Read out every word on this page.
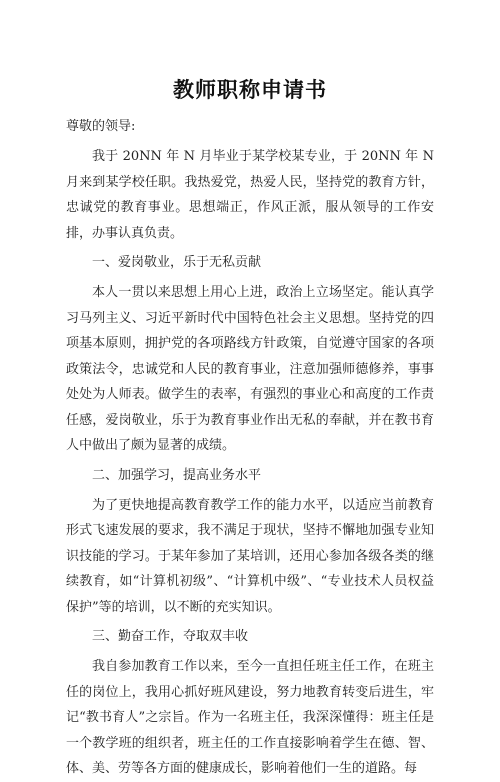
教师职称申请书
尊敬的领导:

我于 20NN 年 N 月毕业于某学校某专业，于 20NN 年 N 月来到某学校任职。我热爱党，热爱人民，坚持党的教育方针，忠诚党的教育事业。思想端正，作风正派，服从领导的工作安排，办事认真负责。

一、爱岗敬业，乐于无私贡献

本人一贯以来思想上用心上进，政治上立场坚定。能认真学习马列主义、习近平新时代中国特色社会主义思想。坚持党的四项基本原则，拥护党的各项路线方针政策，自觉遵守国家的各项政策法令，忠诚党和人民的教育事业，注意加强师德修养，事事处处为人师表。做学生的表率，有强烈的事业心和高度的工作责任感，爱岗敬业，乐于为教育事业作出无私的奉献，并在教书育人中做出了颇为显著的成绩。

二、加强学习，提高业务水平

为了更快地提高教育教学工作的能力水平，以适应当前教育形式飞速发展的要求，我不满足于现状，坚持不懈地加强专业知识技能的学习。于某年参加了某培训，还用心参加各级各类的继续教育，如“计算机初级”、“计算机中级”、“专业技术人员权益保护”等的培训，以不断的充实知识。

三、勤奋工作，夺取双丰收

我自参加教育工作以来，至今一直担任班主任工作，在班主任的岗位上，我用心抓好班风建设，努力地教育转变后进生，牢记“教书育人”之宗旨。作为一名班主任，我深深懂得：班主任是一个教学班的组织者，班主任的工作直接影响着学生在德、智、体、美、劳等各方面的健康成长，影响着他们一生的道路。每
